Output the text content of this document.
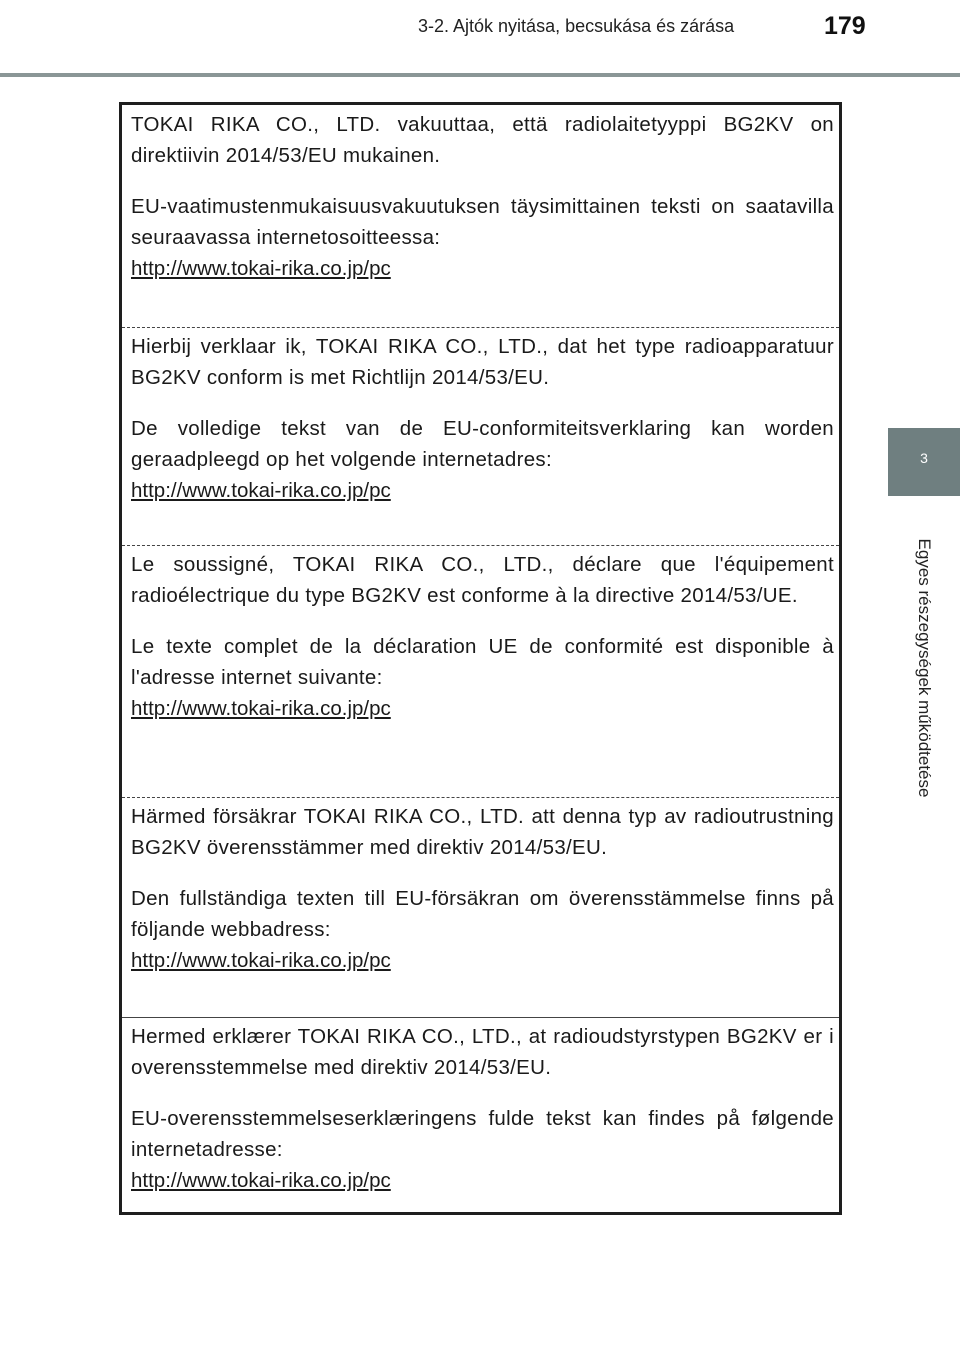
3-2. Ajtók nyitása, becsukása és zárása	179
3
Egyes részegységek működtetése

TOKAI RIKA CO., LTD. vakuuttaa, että radiolaitetyyppi BG2KV on direktiivin 2014/53/EU mukainen.

EU-vaatimustenmukaisuusvakuutuksen täysimittainen teksti on saatavilla seuraavassa internetosoitteessa:

http://www.tokai-rika.co.jp/pc

Hierbij verklaar ik, TOKAI RIKA CO., LTD., dat het type radioapparatuur BG2KV conform is met Richtlijn 2014/53/EU.

De volledige tekst van de EU-conformiteitsverklaring kan worden geraadpleegd op het volgende internetadres:

http://www.tokai-rika.co.jp/pc

Le soussigné, TOKAI RIKA CO., LTD., déclare que l'équipement radioélectrique du type BG2KV est conforme à la directive 2014/53/UE.

Le texte complet de la déclaration UE de conformité est disponible à l'adresse internet suivante:

http://www.tokai-rika.co.jp/pc

Härmed försäkrar TOKAI RIKA CO., LTD. att denna typ av radioutrustning BG2KV överensstämmer med direktiv 2014/53/EU.

Den fullständiga texten till EU-försäkran om överensstämmelse finns på följande webbadress:

http://www.tokai-rika.co.jp/pc

Hermed erklærer TOKAI RIKA CO., LTD., at radioudstyrstypen BG2KV er i overensstemmelse med direktiv 2014/53/EU.

EU-overensstemmelseserklæringens fulde tekst kan findes på følgende internetadresse:

http://www.tokai-rika.co.jp/pc
